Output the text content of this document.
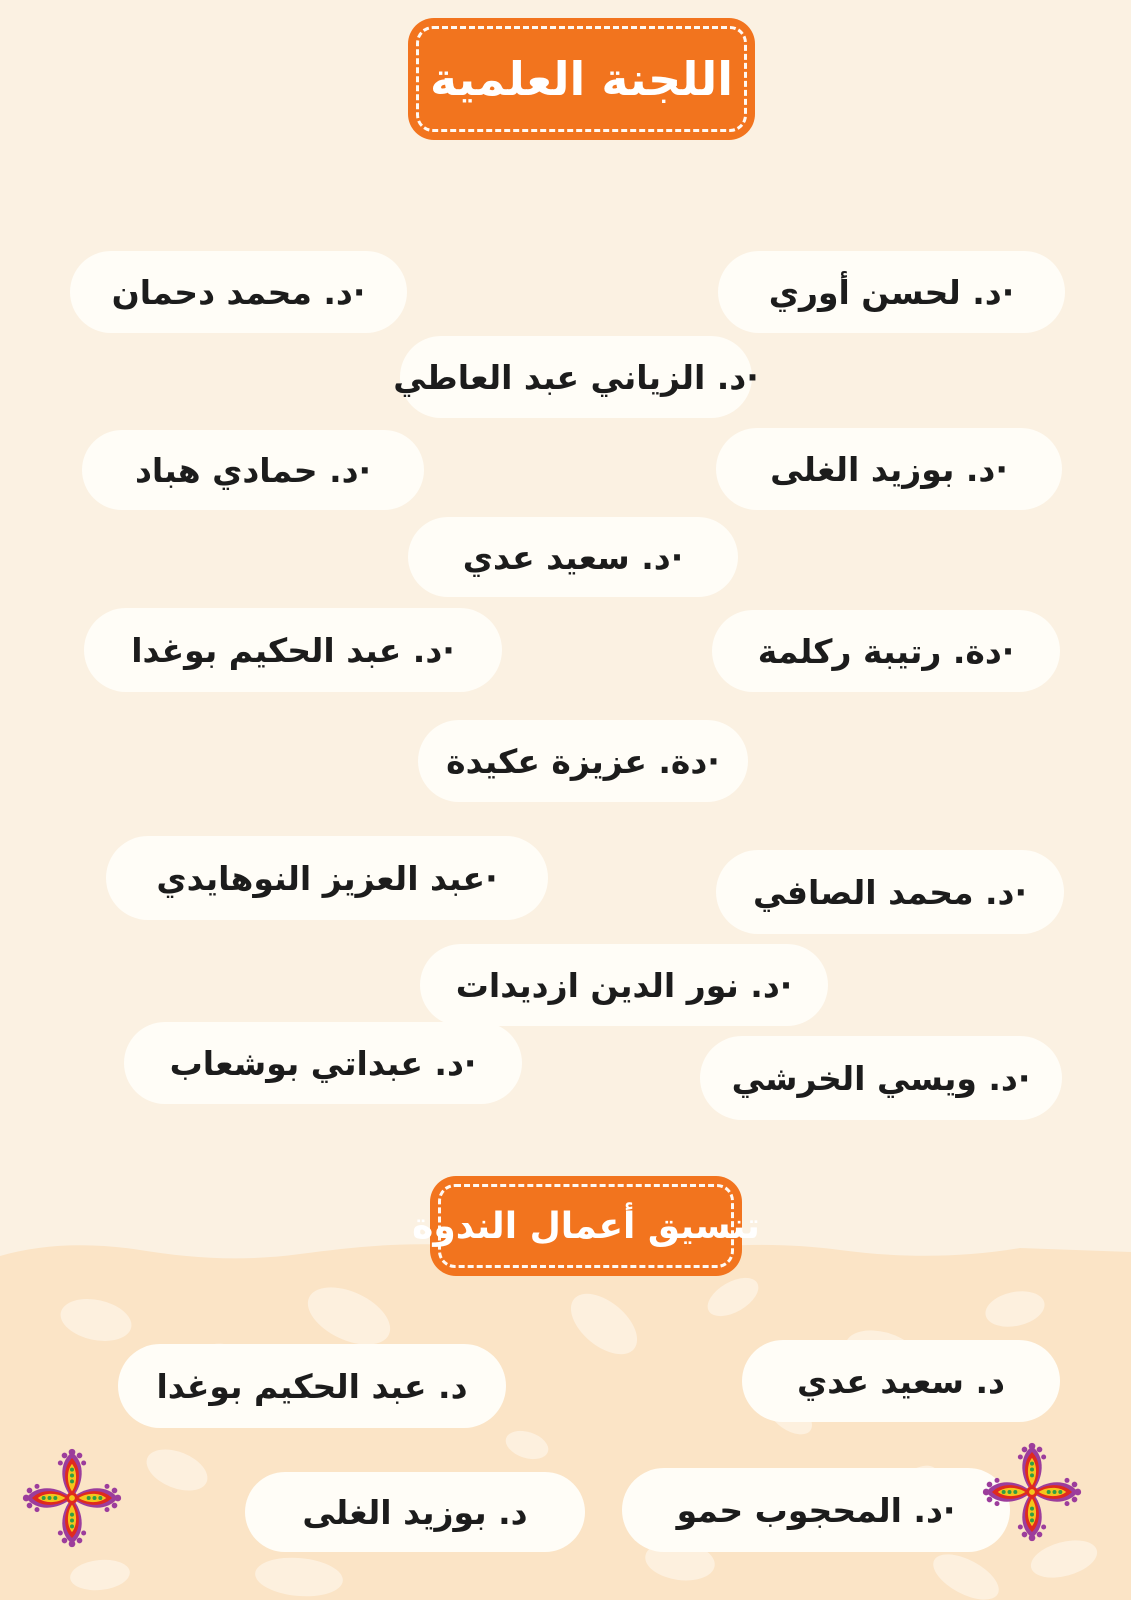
اللجنة العلمية
·د. لحسن أوري
·د. محمد دحمان
·د. الزياني عبد العاطي
·د. بوزيد الغلى
·د. حمادي هباد
·د. سعيد عدي
·دة. رتيبة ركلمة
·د. عبد الحكيم بوغدا
·دة. عزيزة عكيدة
·د. محمد الصافي
·عبد العزيز النوهايدي
·د. نور الدين ازديدات
·د. ويسي الخرشي
·د. عبداتي بوشعاب
تنسيق أعمال الندوة
د. سعيد عدي
د. عبد الحكيم بوغدا
·د. المحجوب حمو
د. بوزيد الغلى
